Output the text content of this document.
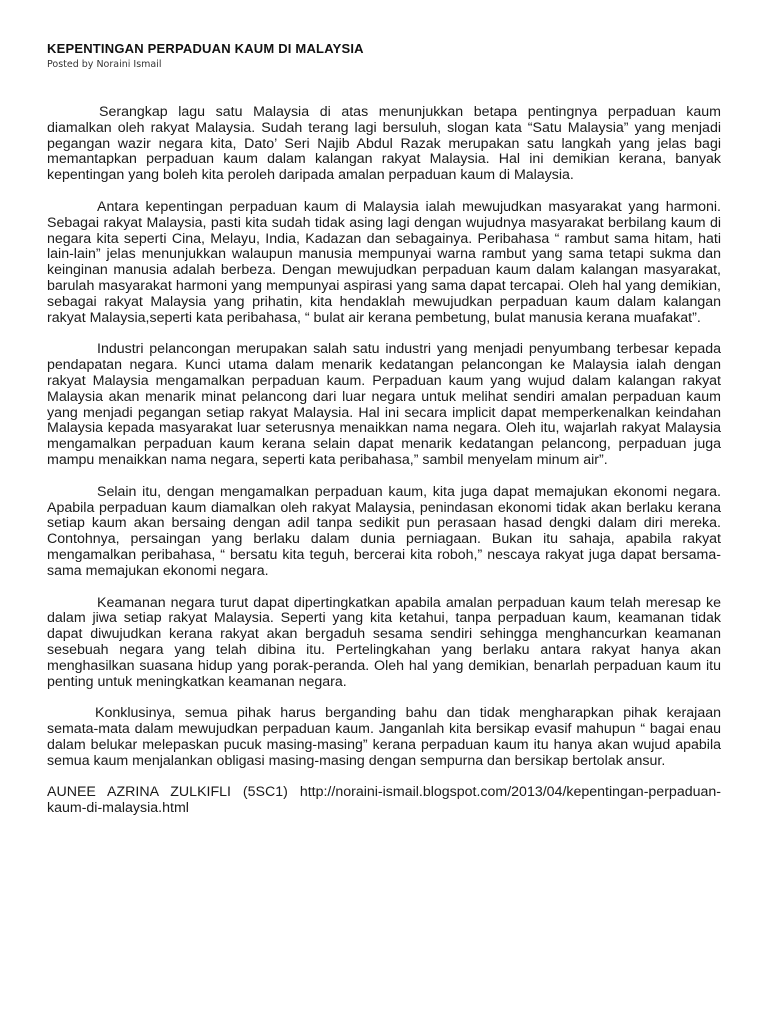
KEPENTINGAN PERPADUAN KAUM DI MALAYSIA

Posted by Noraini Ismail

Serangkap lagu satu Malaysia di atas menunjukkan betapa pentingnya perpaduan kaum diamalkan oleh rakyat Malaysia. Sudah terang lagi bersuluh, slogan kata “Satu Malaysia” yang menjadi pegangan wazir negara kita, Dato’ Seri Najib Abdul Razak merupakan satu langkah yang jelas bagi memantapkan perpaduan kaum dalam kalangan rakyat Malaysia. Hal ini demikian kerana, banyak kepentingan yang boleh kita peroleh daripada amalan perpaduan kaum di Malaysia.

Antara kepentingan perpaduan kaum di Malaysia ialah mewujudkan masyarakat yang harmoni. Sebagai rakyat Malaysia, pasti kita sudah tidak asing lagi dengan wujudnya masyarakat berbilang kaum di negara kita seperti Cina, Melayu, India, Kadazan dan sebagainya. Peribahasa “ rambut sama hitam, hati lain-lain” jelas menunjukkan walaupun manusia mempunyai warna rambut yang sama tetapi sukma dan keinginan manusia adalah berbeza. Dengan mewujudkan perpaduan kaum dalam kalangan masyarakat, barulah masyarakat harmoni yang mempunyai aspirasi yang sama dapat tercapai. Oleh hal yang demikian, sebagai rakyat Malaysia yang prihatin, kita hendaklah mewujudkan perpaduan kaum dalam kalangan rakyat Malaysia,seperti kata peribahasa, “ bulat air kerana pembetung, bulat manusia kerana muafakat”.

Industri pelancongan merupakan salah satu industri yang menjadi penyumbang terbesar kepada pendapatan negara. Kunci utama dalam menarik kedatangan pelancongan ke Malaysia ialah dengan rakyat Malaysia mengamalkan perpaduan kaum. Perpaduan kaum yang wujud dalam kalangan rakyat Malaysia akan menarik minat pelancong dari luar negara untuk melihat sendiri amalan perpaduan kaum yang menjadi pegangan setiap rakyat Malaysia. Hal ini secara implicit dapat memperkenalkan keindahan Malaysia kepada masyarakat luar seterusnya menaikkan nama negara. Oleh itu, wajarlah rakyat Malaysia mengamalkan perpaduan kaum kerana selain dapat menarik kedatangan pelancong, perpaduan juga mampu menaikkan nama negara, seperti kata peribahasa,” sambil menyelam minum air”.

Selain itu, dengan mengamalkan perpaduan kaum, kita juga dapat memajukan ekonomi negara. Apabila perpaduan kaum diamalkan oleh rakyat Malaysia, penindasan ekonomi tidak akan berlaku kerana setiap kaum akan bersaing dengan adil tanpa sedikit pun perasaan hasad dengki dalam diri mereka. Contohnya, persaingan yang berlaku dalam dunia perniagaan. Bukan itu sahaja, apabila rakyat mengamalkan peribahasa, “ bersatu kita teguh, bercerai kita roboh,” nescaya rakyat juga dapat bersama-sama memajukan ekonomi negara.

Keamanan negara turut dapat dipertingkatkan apabila amalan perpaduan kaum telah meresap ke dalam jiwa setiap rakyat Malaysia. Seperti yang kita ketahui, tanpa perpaduan kaum, keamanan tidak dapat diwujudkan kerana rakyat akan bergaduh sesama sendiri sehingga menghancurkan keamanan sesebuah negara yang telah dibina itu. Pertelingkahan yang berlaku antara rakyat hanya akan menghasilkan suasana hidup yang porak-peranda. Oleh hal yang demikian, benarlah perpaduan kaum itu penting untuk meningkatkan keamanan negara.

Konklusinya, semua pihak harus berganding bahu dan tidak mengharapkan pihak kerajaan semata-mata dalam mewujudkan perpaduan kaum. Janganlah kita bersikap evasif mahupun “ bagai enau dalam belukar melepaskan pucuk masing-masing” kerana perpaduan kaum itu hanya akan wujud apabila semua kaum menjalankan obligasi masing-masing dengan sempurna dan bersikap bertolak ansur.

AUNEE AZRINA ZULKIFLI (5SC1) http://noraini-ismail.blogspot.com/2013/04/kepentingan-perpaduan-kaum-di-malaysia.html
